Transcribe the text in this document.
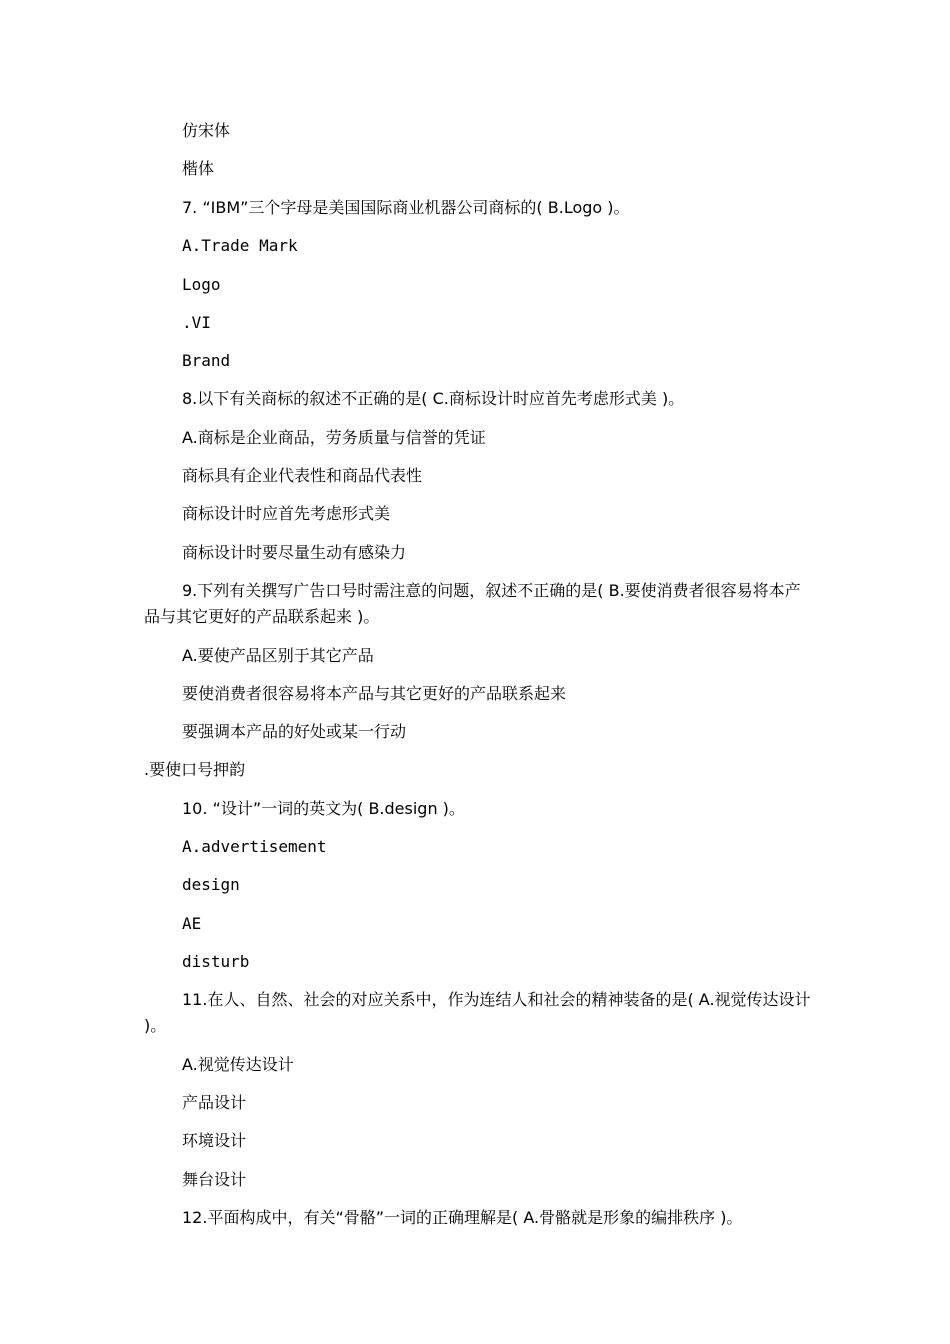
仿宋体
楷体
7. “IBM”三个字母是美国国际商业机器公司商标的( B.Logo )。
A.Trade Mark
Logo
.VI
Brand
8.以下有关商标的叙述不正确的是( C.商标设计时应首先考虑形式美 )。
A.商标是企业商品，劳务质量与信誉的凭证
商标具有企业代表性和商品代表性
商标设计时应首先考虑形式美
商标设计时要尽量生动有感染力
9.下列有关撰写广告口号时需注意的问题，叙述不正确的是( B.要使消费者很容易将本产品与其它更好的产品联系起来 )。
A.要使产品区别于其它产品
要使消费者很容易将本产品与其它更好的产品联系起来
要强调本产品的好处或某一行动
.要使口号押韵
10. “设计”一词的英文为( B.design )。
A.advertisement
design
AE
disturb
11.在人、自然、社会的对应关系中，作为连结人和社会的精神装备的是( A.视觉传达设计 )。
A.视觉传达设计
产品设计
环境设计
舞台设计
12.平面构成中，有关“骨骼”一词的正确理解是( A.骨骼就是形象的编排秩序 )。
